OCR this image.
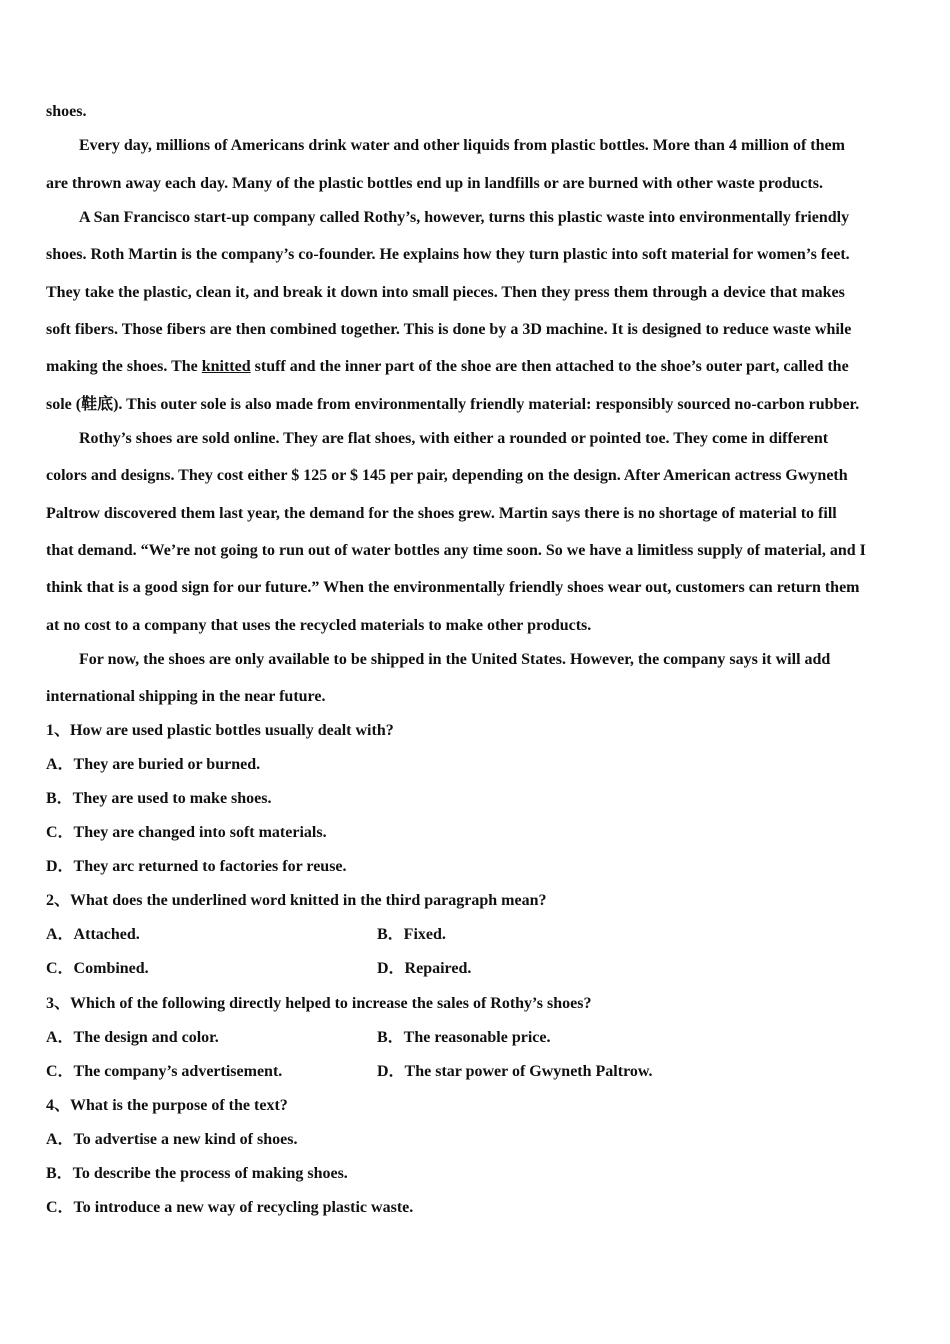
shoes.
Every day, millions of Americans drink water and other liquids from plastic bottles. More than 4 million of them
are thrown away each day. Many of the plastic bottles end up in landfills or are burned with other waste products.
A San Francisco start-up company called Rothy’s, however, turns this plastic waste into environmentally friendly
shoes. Roth Martin is the company’s co-founder. He explains how they turn plastic into soft material for women’s feet.
They take the plastic, clean it, and break it down into small pieces. Then they press them through a device that makes
soft fibers. Those fibers are then combined together. This is done by a 3D machine. It is designed to reduce waste while
making the shoes. The knitted stuff and the inner part of the shoe are then attached to the shoe’s outer part, called the
sole (鞋底). This outer sole is also made from environmentally friendly material: responsibly sourced no-carbon rubber.
Rothy’s shoes are sold online. They are flat shoes, with either a rounded or pointed toe. They come in different
colors and designs. They cost either $ 125 or $ 145 per pair, depending on the design. After American actress Gwyneth
Paltrow discovered them last year, the demand for the shoes grew. Martin says there is no shortage of material to fill
that demand. “We’re not going to run out of water bottles any time soon. So we have a limitless supply of material, and I
think that is a good sign for our future.” When the environmentally friendly shoes wear out, customers can return them
at no cost to a company that uses the recycled materials to make other products.
For now, the shoes are only available to be shipped in the United States. However, the company says it will add
international shipping in the near future.
1、How are used plastic bottles usually dealt with?
A．They are buried or burned.
B．They are used to make shoes.
C．They are changed into soft materials.
D．They arc returned to factories for reuse.
2、What does the underlined word knitted in the third paragraph mean?
A．Attached.	B．Fixed.
C．Combined.	D．Repaired.
3、Which of the following directly helped to increase the sales of Rothy’s shoes?
A．The design and color.	B．The reasonable price.
C．The company’s advertisement.	D．The star power of Gwyneth Paltrow.
4、What is the purpose of the text?
A．To advertise a new kind of shoes.
B．To describe the process of making shoes.
C．To introduce a new way of recycling plastic waste.
